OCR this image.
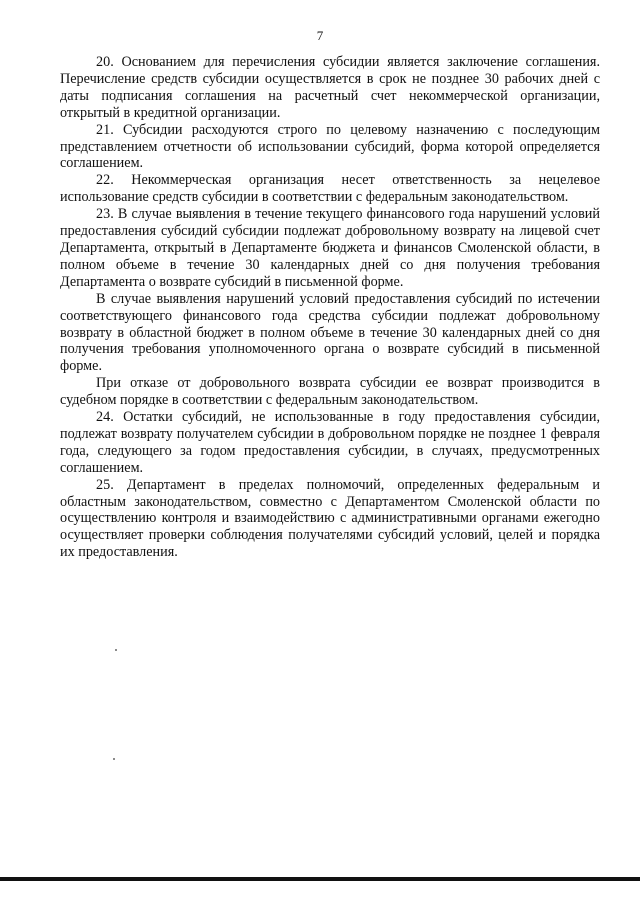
7

20. Основанием для перечисления субсидии является заключение соглашения. Перечисление средств субсидии осуществляется в срок не позднее 30 рабочих дней с даты подписания соглашения на расчетный счет некоммерческой организации, открытый в кредитной организации.

21. Субсидии расходуются строго по целевому назначению с последующим представлением отчетности об использовании субсидий, форма которой определяется соглашением.

22. Некоммерческая организация несет ответственность за нецелевое использование средств субсидии в соответствии с федеральным законодательством.

23. В случае выявления в течение текущего финансового года нарушений условий предоставления субсидий субсидии подлежат добровольному возврату на лицевой счет Департамента, открытый в Департаменте бюджета и финансов Смоленской области, в полном объеме в течение 30 календарных дней со дня получения требования Департамента о возврате субсидий в письменной форме.

В случае выявления нарушений условий предоставления субсидий по истечении соответствующего финансового года средства субсидии подлежат добровольному возврату в областной бюджет в полном объеме в течение 30 календарных дней со дня получения требования уполномоченного органа о возврате субсидий в письменной форме.

При отказе от добровольного возврата субсидии ее возврат производится в судебном порядке в соответствии с федеральным законодательством.

24. Остатки субсидий, не использованные в году предоставления субсидии, подлежат возврату получателем субсидии в добровольном порядке не позднее 1 февраля года, следующего за годом предоставления субсидии, в случаях, предусмотренных соглашением.

25. Департамент в пределах полномочий, определенных федеральным и областным законодательством, совместно с Департаментом Смоленской области по осуществлению контроля и взаимодействию с административными органами ежегодно осуществляет проверки соблюдения получателями субсидий условий, целей и порядка их предоставления.
